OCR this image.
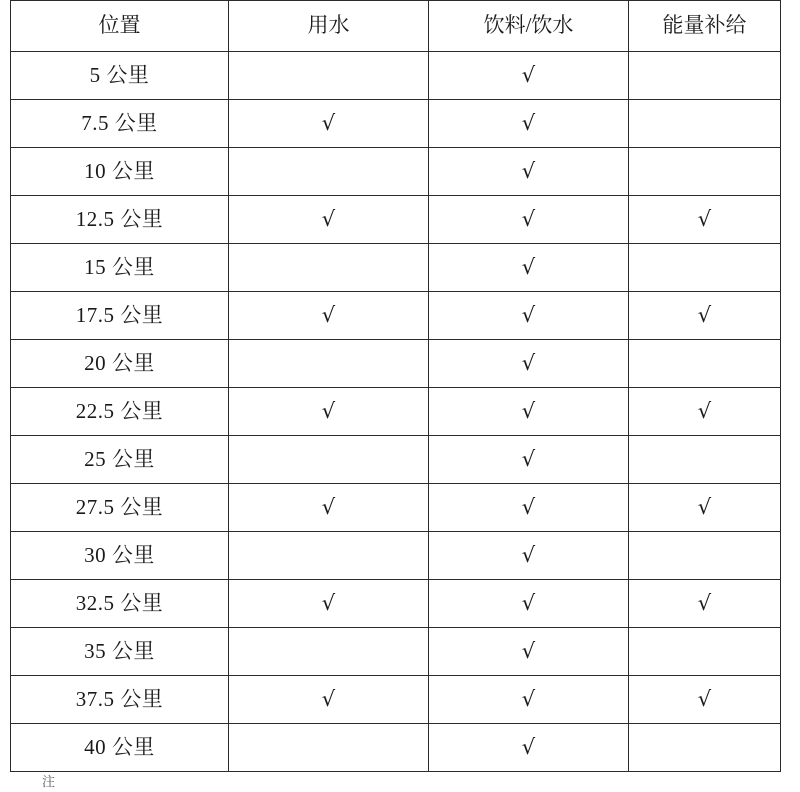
位置	用水	饮料/饮水	能量补给
5 公里		√	
7.5 公里	√	√	
10 公里		√	
12.5 公里	√	√	√
15 公里		√	
17.5 公里	√	√	√
20 公里		√	
22.5 公里	√	√	√
25 公里		√	
27.5 公里	√	√	√
30 公里		√	
32.5 公里	√	√	√
35 公里		√	
37.5 公里	√	√	√
40 公里		√	
注
